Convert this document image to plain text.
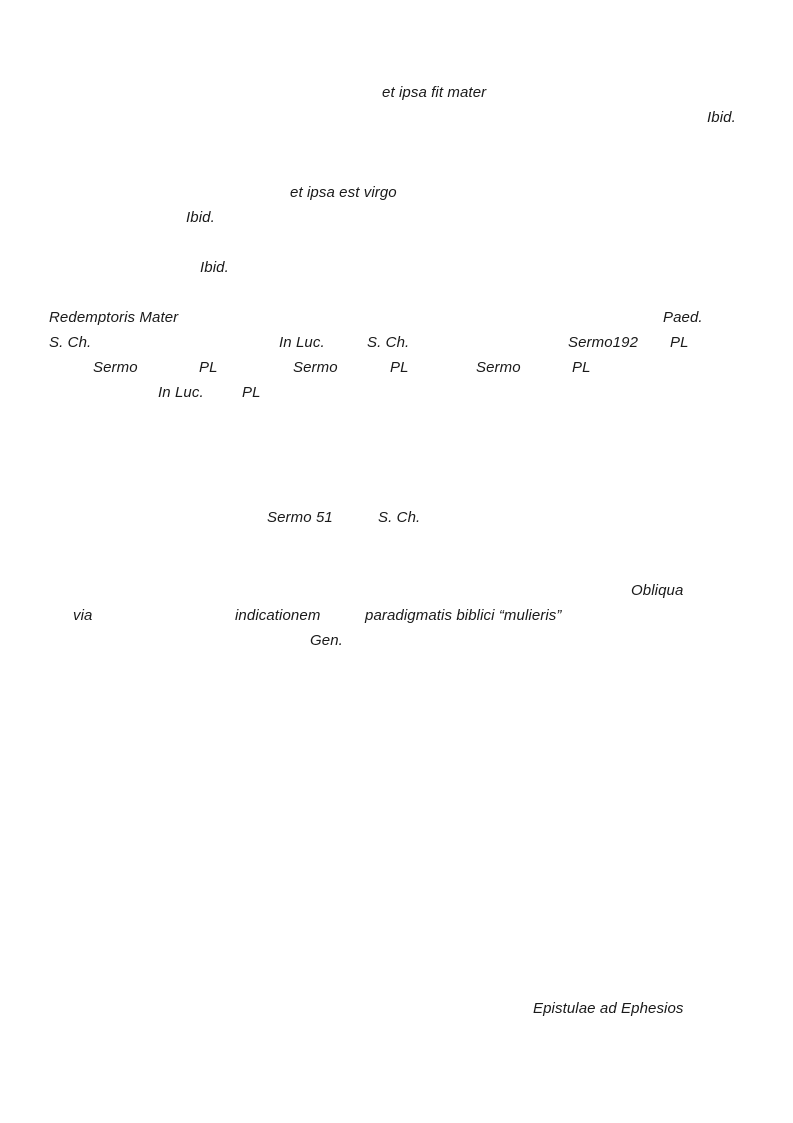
et ipsa fit mater
Ibid.
et ipsa est virgo
Ibid.
Ibid.
Redemptoris Mater	Paed.
S. Ch.	In Luc.	S. Ch.	Sermo192 PL
Sermo	PL	Sermo	PL	Sermo	PL
In Luc.	PL
Sermo 51	S. Ch.
Obliqua
via	indicationem	paradigmatis biblici “mulieris”
Gen.
Epistulae ad Ephesios
